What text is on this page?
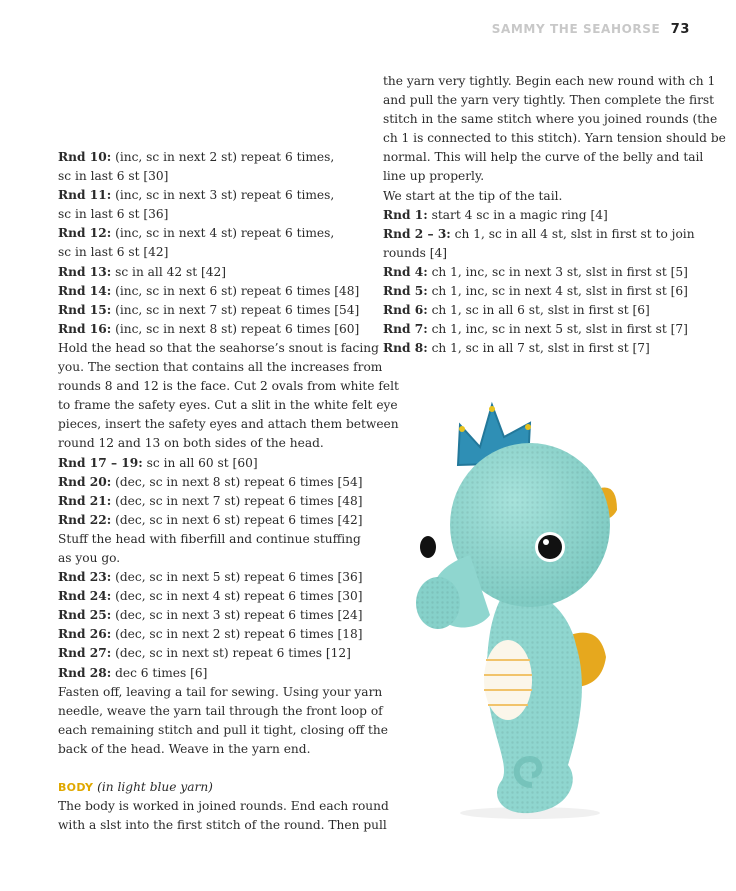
SAMMY THE SEAHORSE 73
Rnd 10: (inc, sc in next 2 st) repeat 6 times,
sc in last 6 st [30]
Rnd 11: (inc, sc in next 3 st) repeat 6 times,
sc in last 6 st [36]
Rnd 12: (inc, sc in next 4 st) repeat 6 times,
sc in last 6 st [42]
Rnd 13: sc in all 42 st [42]
Rnd 14: (inc, sc in next 6 st) repeat 6 times [48]
Rnd 15: (inc, sc in next 7 st) repeat 6 times [54]
Rnd 16: (inc, sc in next 8 st) repeat 6 times [60]
Hold the head so that the seahorse’s snout is facing
you. The section that contains all the increases from
rounds 8 and 12 is the face. Cut 2 ovals from white felt
to frame the safety eyes. Cut a slit in the white felt eye
pieces, insert the safety eyes and attach them between
round 12 and 13 on both sides of the head.
Rnd 17 – 19: sc in all 60 st [60]
Rnd 20: (dec, sc in next 8 st) repeat 6 times [54]
Rnd 21: (dec, sc in next 7 st) repeat 6 times [48]
Rnd 22: (dec, sc in next 6 st) repeat 6 times [42]
Stuff the head with fiberfill and continue stuffing
as you go.
Rnd 23: (dec, sc in next 5 st) repeat 6 times [36]
Rnd 24: (dec, sc in next 4 st) repeat 6 times [30]
Rnd 25: (dec, sc in next 3 st) repeat 6 times [24]
Rnd 26: (dec, sc in next 2 st) repeat 6 times [18]
Rnd 27: (dec, sc in next st) repeat 6 times [12]
Rnd 28: dec 6 times [6]
Fasten off, leaving a tail for sewing. Using your yarn
needle, weave the yarn tail through the front loop of
each remaining stitch and pull it tight, closing off the
back of the head. Weave in the yarn end.
BODY (in light blue yarn)
The body is worked in joined rounds. End each round
with a slst into the first stitch of the round. Then pull
the yarn very tightly. Begin each new round with ch 1
and pull the yarn very tightly. Then complete the first
stitch in the same stitch where you joined rounds (the
ch 1 is connected to this stitch). Yarn tension should be
normal. This will help the curve of the belly and tail
line up properly.
We start at the tip of the tail.
Rnd 1: start 4 sc in a magic ring [4]
Rnd 2 – 3: ch 1, sc in all 4 st, slst in first st to join
rounds [4]
Rnd 4: ch 1, inc, sc in next 3 st, slst in first st [5]
Rnd 5: ch 1, inc, sc in next 4 st, slst in first st [6]
Rnd 6: ch 1, sc in all 6 st, slst in first st [6]
Rnd 7: ch 1, inc, sc in next 5 st, slst in first st [7]
Rnd 8: ch 1, sc in all 7 st, slst in first st [7]
